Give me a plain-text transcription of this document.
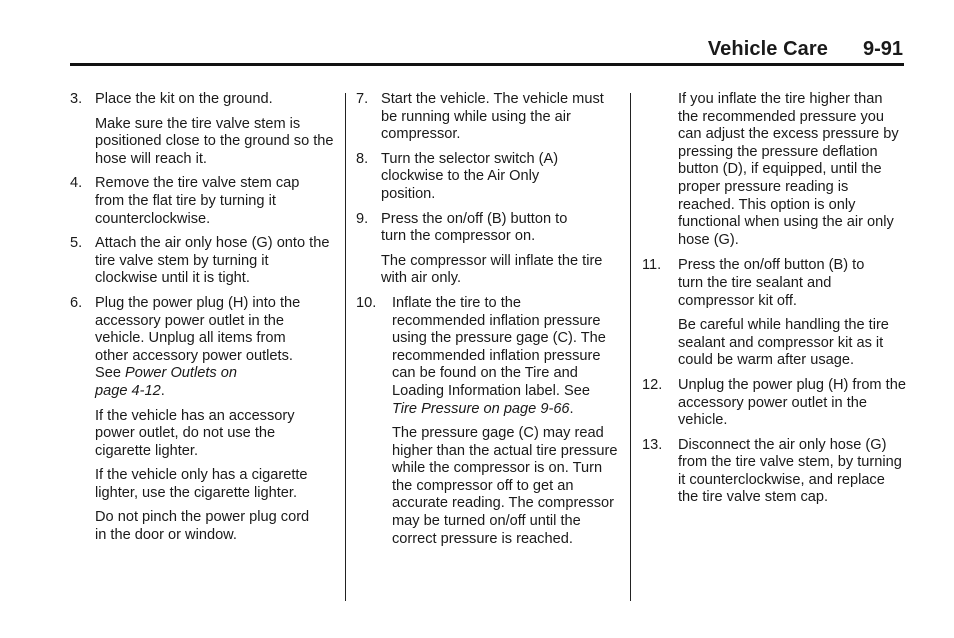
Vehicle Care 9-91
3. Place the kit on the ground.
Make sure the tire valve stem is positioned close to the ground so the hose will reach it.
4. Remove the tire valve stem cap from the flat tire by turning it counterclockwise.
5. Attach the air only hose (G) onto the tire valve stem by turning it clockwise until it is tight.
6. Plug the power plug (H) into the
accessory power outlet in the
vehicle. Unplug all items from
other accessory power outlets.
See Power Outlets on
page 4-12.
If the vehicle has an accessory power outlet, do not use the cigarette lighter.
If the vehicle only has a cigarette lighter, use the cigarette lighter.
Do not pinch the power plug cord in the door or window.
7. Start the vehicle. The vehicle must be running while using the air compressor.
8. Turn the selector switch (A) clockwise to the Air Only position.
9. Press the on/off (B) button to turn the compressor on.
The compressor will inflate the tire with air only.
10. Inflate the tire to the recommended inflation pressure using the pressure gage (C). The recommended inflation pressure can be found on the Tire and Loading Information label. See Tire Pressure on page 9-66.
The pressure gage (C) may read higher than the actual tire pressure while the compressor is on. Turn the compressor off to get an accurate reading. The compressor may be turned on/off until the correct pressure is reached.
If you inflate the tire higher than the recommended pressure you can adjust the excess pressure by pressing the pressure deflation button (D), if equipped, until the proper pressure reading is reached. This option is only functional when using the air only hose (G).
11. Press the on/off button (B) to turn the tire sealant and compressor kit off.
Be careful while handling the tire sealant and compressor kit as it could be warm after usage.
12. Unplug the power plug (H) from the accessory power outlet in the vehicle.
13. Disconnect the air only hose (G) from the tire valve stem, by turning it counterclockwise, and replace the tire valve stem cap.
